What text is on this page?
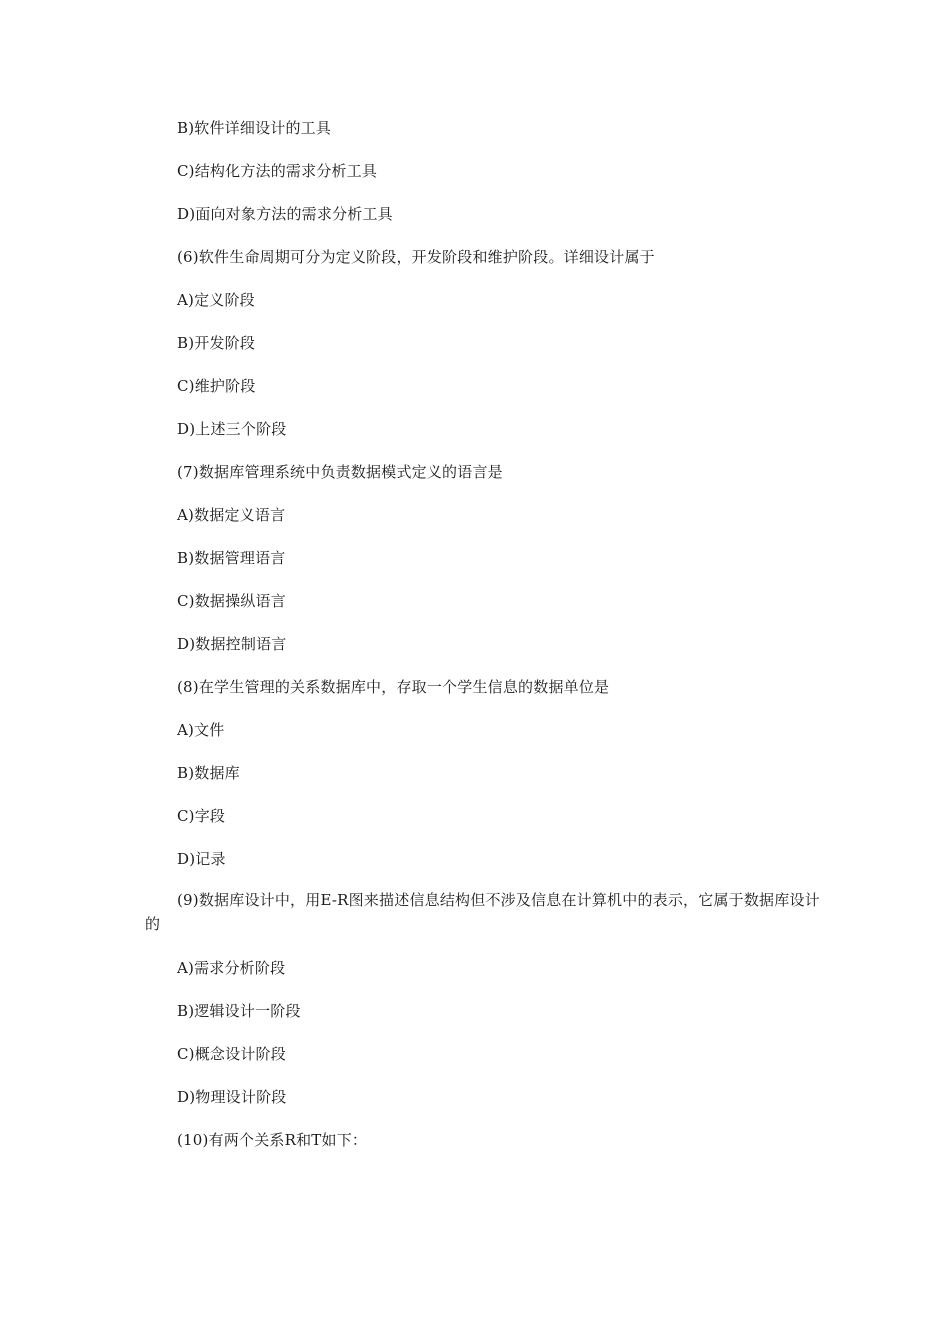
B)软件详细设计的工具
C)结构化方法的需求分析工具
D)面向对象方法的需求分析工具
(6)软件生命周期可分为定义阶段，开发阶段和维护阶段。详细设计属于
A)定义阶段
B)开发阶段
C)维护阶段
D)上述三个阶段
(7)数据库管理系统中负责数据模式定义的语言是
A)数据定义语言
B)数据管理语言
C)数据操纵语言
D)数据控制语言
(8)在学生管理的关系数据库中，存取一个学生信息的数据单位是
A)文件
B)数据库
C)字段
D)记录
(9)数据库设计中，用E-R图来描述信息结构但不涉及信息在计算机中的表示，它属于数据库设计的
A)需求分析阶段
B)逻辑设计一阶段
C)概念设计阶段
D)物理设计阶段
(10)有两个关系R和T如下：
